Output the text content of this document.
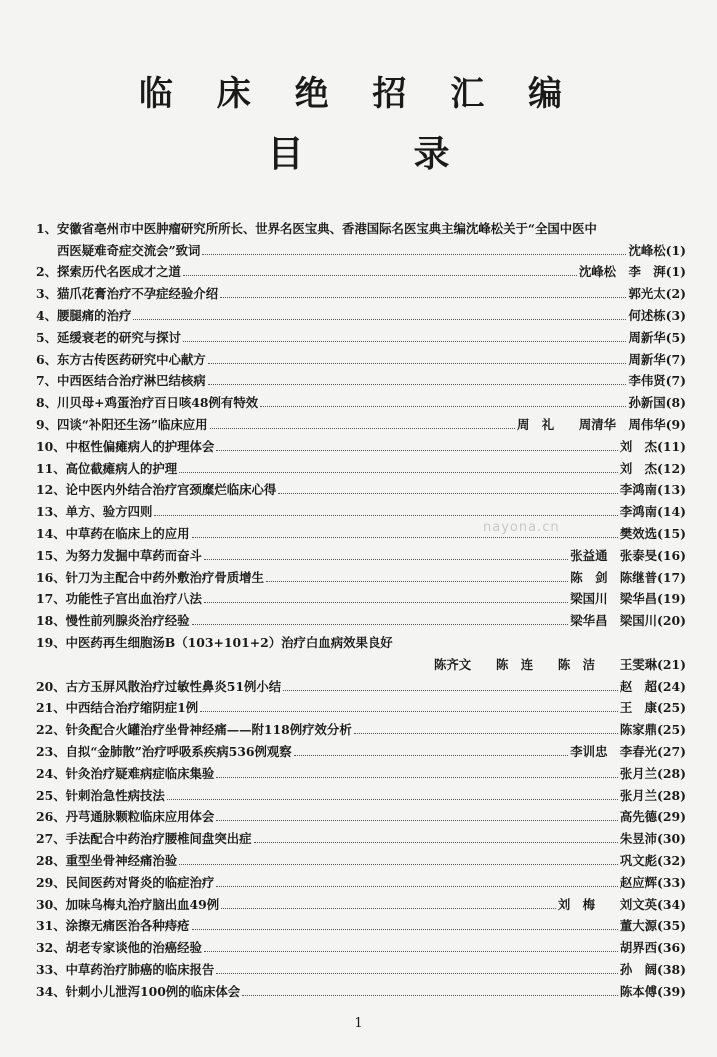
临 床 绝 招 汇 编
目录
1、 安徽省亳州市中医肿瘤研究所所长、世界名医宝典、香港国际名医宝典主编沈峰松关于“全国中医中
西医疑难奇症交流会”致词	沈峰松(1)
2、 探索历代名医成才之道	沈峰松　李　湃(1)
3、 猫爪花膏治疗不孕症经验介绍	郭光太(2)
4、 腰腿痛的治疗	何述栋(3)
5、 延缓衰老的研究与探讨	周新华(5)
6、 东方古传医药研究中心献方	周新华(7)
7、 中西医结合治疗淋巴结核病	李伟贤(7)
8、 川贝母+鸡蛋治疗百日咳48例有特效	孙新国(8)
9、 四谈“补阳还生汤”临床应用	周　礼　　周清华　周伟华(9)
10、 中枢性偏瘫病人的护理体会	刘　杰(11)
11、 高位截瘫病人的护理	刘　杰(12)
12、 论中医内外结合治疗宫颈糜烂临床心得	李鸿南(13)
13、 单方、验方四则	李鸿南(14)
14、 中草药在临床上的应用	樊效选(15)
15、 为努力发掘中草药而奋斗	张益通　张泰旻(16)
16、 针刀为主配合中药外敷治疗骨质增生	陈　剑　陈继普(17)
17、 功能性子宫出血治疗八法	梁国川　梁华昌(19)
18、 慢性前列腺炎治疗经验	梁华昌　梁国川(20)
19、 中医药再生细胞汤B（103+101+2）治疗白血病效果良好
陈齐文　　陈　连　　陈　洁　　王雯琳(21)
20、 古方玉屏风散治疗过敏性鼻炎51例小结	赵　超(24)
21、 中西结合治疗缩阴症1例	王　康(25)
22、 针灸配合火罐治疗坐骨神经痛——附118例疗效分析	陈家鼎(25)
23、 自拟“金肺散”治疗呼吸系疾病536例观察	李训忠　李春光(27)
24、 针灸治疗疑难病症临床集验	张月兰(28)
25、 针刺治急性病技法	张月兰(28)
26、 丹芎通脉颗粒临床应用体会	高先德(29)
27、 手法配合中药治疗腰椎间盘突出症	朱昱沛(30)
28、 重型坐骨神经痛治验	巩文彪(32)
29、 民间医药对肾炎的临症治疗	赵应辉(33)
30、 加味乌梅丸治疗脑出血49例	刘　梅　　刘文英(34)
31、 涂擦无痛医治各种痔疮	董大源(35)
32、 胡老专家谈他的治癌经验	胡界西(36)
33、 中草药治疗肺癌的临床报告	孙　阔(38)
34、 针刺小儿泄泻100例的临床体会	陈本傅(39)
nayona.cn
1
